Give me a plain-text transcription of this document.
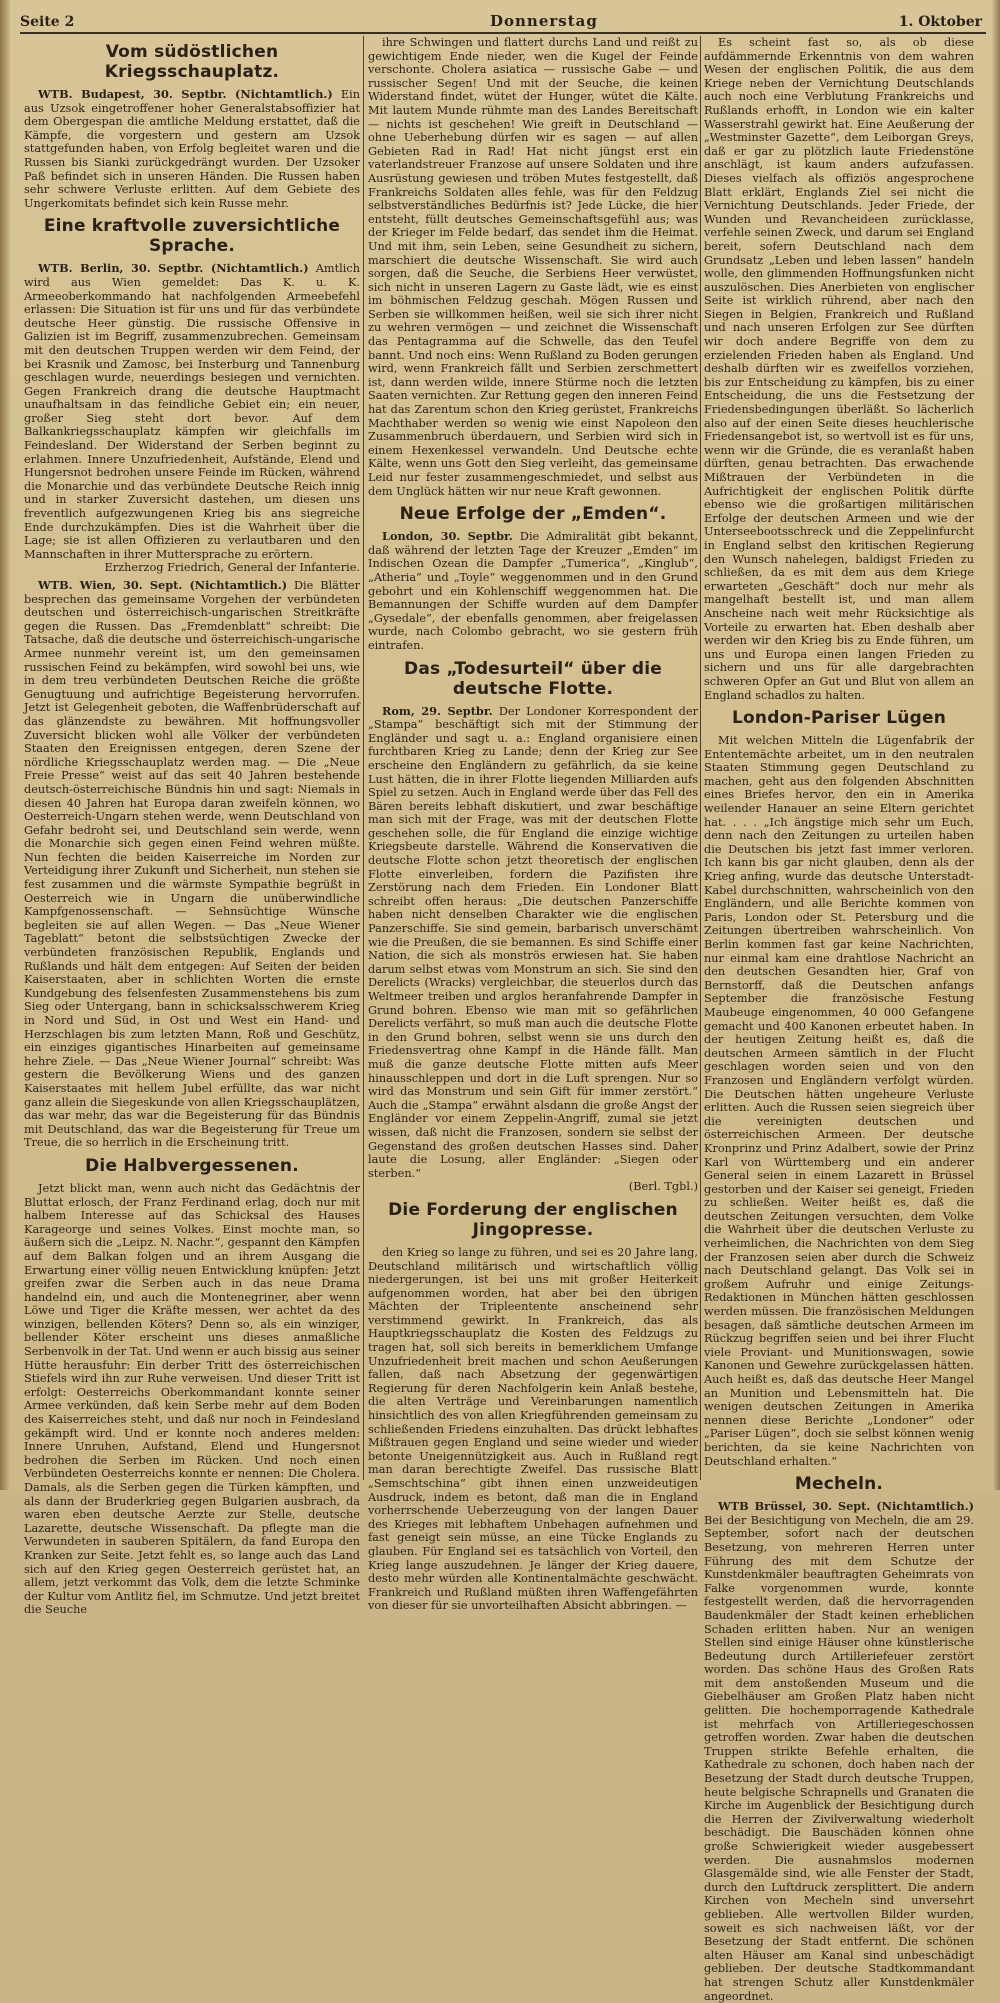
Seite 2	Donnerstag	1. Oktober
Vom südöstlichen Kriegsschauplatz.

WTB. Budapest, 30. Septbr. (Nichtamtlich.) Ein aus Uzsok eingetroffener hoher Generalstabsoffizier hat dem Obergespan die amtliche Meldung erstattet, daß die Kämpfe, die vorgestern und gestern am Uzsok stattgefunden haben, von Erfolg begleitet waren und die Russen bis Sianki zurückgedrängt wurden. Der Uzsoker Paß befindet sich in unseren Händen. Die Russen haben sehr schwere Verluste erlitten. Auf dem Gebiete des Ungerkomitats befindet sich kein Russe mehr.

Eine kraftvolle zuversichtliche Sprache.

WTB. Berlin, 30. Septbr. (Nichtamtlich.) Amtlich wird aus Wien gemeldet: Das K. u. K. Armeeoberkommando hat nachfolgenden Armeebefehl erlassen: Die Situation ist für uns und für das verbündete deutsche Heer günstig. Die russische Offensive in Galizien ist im Begriff, zusammenzubrechen. Gemeinsam mit den deutschen Truppen werden wir dem Feind, der bei Krasnik und Zamosc, bei Insterburg und Tannenburg geschlagen wurde, neuerdings besiegen und vernichten. Gegen Frankreich drang die deutsche Hauptmacht unaufhaltsam in das feindliche Gebiet ein; ein neuer, großer Sieg steht dort bevor. Auf dem Balkankriegsschauplatz kämpfen wir gleichfalls im Feindesland. Der Widerstand der Serben beginnt zu erlahmen. Innere Unzufriedenheit, Aufstände, Elend und Hungersnot bedrohen unsere Feinde im Rücken, während die Monarchie und das verbündete Deutsche Reich innig und in starker Zuversicht dastehen, um diesen uns freventlich aufgezwungenen Krieg bis ans siegreiche Ende durchzukämpfen. Dies ist die Wahrheit über die Lage; sie ist allen Offizieren zu verlautbaren und den Mannschaften in ihrer Muttersprache zu erörtern.

Erzherzog Friedrich, General der Infanterie.

WTB. Wien, 30. Sept. (Nichtamtlich.) Die Blätter besprechen das gemeinsame Vorgehen der verbündeten deutschen und österreichisch-ungarischen Streitkräfte gegen die Russen. Das „Fremdenblatt“ schreibt: Die Tatsache, daß die deutsche und österreichisch-ungarische Armee nunmehr vereint ist, um den gemeinsamen russischen Feind zu bekämpfen, wird sowohl bei uns, wie in dem treu verbündeten Deutschen Reiche die größte Genugtuung und aufrichtige Begeisterung hervorrufen. Jetzt ist Gelegenheit geboten, die Waffenbrüderschaft auf das glänzendste zu bewähren. Mit hoffnungsvoller Zuversicht blicken wohl alle Völker der verbündeten Staaten den Ereignissen entgegen, deren Szene der nördliche Kriegsschauplatz werden mag. — Die „Neue Freie Presse“ weist auf das seit 40 Jahren bestehende deutsch-österreichische Bündnis hin und sagt: Niemals in diesen 40 Jahren hat Europa daran zweifeln können, wo Oesterreich-Ungarn stehen werde, wenn Deutschland von Gefahr bedroht sei, und Deutschland sein werde, wenn die Monarchie sich gegen einen Feind wehren müßte. Nun fechten die beiden Kaiserreiche im Norden zur Verteidigung ihrer Zukunft und Sicherheit, nun stehen sie fest zusammen und die wärmste Sympathie begrüßt in Oesterreich wie in Ungarn die unüberwindliche Kampfgenossenschaft. — Sehnsüchtige Wünsche begleiten sie auf allen Wegen. — Das „Neue Wiener Tageblatt“ betont die selbstsüchtigen Zwecke der verbündeten französischen Republik, Englands und Rußlands und hält dem entgegen: Auf Seiten der beiden Kaiserstaaten, aber in schlichten Worten die ernste Kundgebung des felsenfesten Zusammenstehens bis zum Sieg oder Untergang, bann in schicksalsschwerem Krieg in Nord und Süd, in Ost und West ein Hand- und Herzschlagen bis zum letzten Mann, Roß und Geschütz, ein einziges gigantisches Hinarbeiten auf gemeinsame hehre Ziele. — Das „Neue Wiener Journal“ schreibt: Was gestern die Bevölkerung Wiens und des ganzen Kaiserstaates mit hellem Jubel erfüllte, das war nicht ganz allein die Siegeskunde von allen Kriegsschauplätzen, das war mehr, das war die Begeisterung für das Bündnis mit Deutschland, das war die Begeisterung für Treue um Treue, die so herrlich in die Erscheinung tritt.

Die Halbvergessenen.

Jetzt blickt man, wenn auch nicht das Gedächtnis der Bluttat erlosch, der Franz Ferdinand erlag, doch nur mit halbem Interesse auf das Schicksal des Hauses Karageorge und seines Volkes. Einst mochte man, so äußern sich die „Leipz. N. Nachr.“, gespannt den Kämpfen auf dem Balkan folgen und an ihrem Ausgang die Erwartung einer völlig neuen Entwicklung knüpfen: Jetzt greifen zwar die Serben auch in das neue Drama handelnd ein, und auch die Montenegriner, aber wenn Löwe und Tiger die Kräfte messen, wer achtet da des winzigen, bellenden Köters? Denn so, als ein winziger, bellender Köter erscheint uns dieses anmaßliche Serbenvolk in der Tat. Und wenn er auch bissig aus seiner Hütte herausfuhr: Ein derber Tritt des österreichischen Stiefels wird ihn zur Ruhe verweisen. Und dieser Tritt ist erfolgt: Oesterreichs Oberkommandant konnte seiner Armee verkünden, daß kein Serbe mehr auf dem Boden des Kaiserreiches steht, und daß nur noch in Feindesland gekämpft wird. Und er konnte noch anderes melden: Innere Unruhen, Aufstand, Elend und Hungersnot bedrohen die Serben im Rücken. Und noch einen Verbündeten Oesterreichs konnte er nennen: Die Cholera. Damals, als die Serben gegen die Türken kämpften, und als dann der Bruderkrieg gegen Bulgarien ausbrach, da waren eben deutsche Aerzte zur Stelle, deutsche Lazarette, deutsche Wissenschaft. Da pflegte man die Verwundeten in sauberen Spitälern, da fand Europa den Kranken zur Seite. Jetzt fehlt es, so lange auch das Land sich auf den Krieg gegen Oesterreich gerüstet hat, an allem, jetzt verkommt das Volk, dem die letzte Schminke der Kultur vom Antlitz fiel, im Schmutze. Und jetzt breitet die Seuche

ihre Schwingen und flattert durchs Land und reißt zu gewichtigem Ende nieder, wen die Kugel der Feinde verschonte. Cholera asiatica — russische Gabe — und russischer Segen! Und mit der Seuche, die keinen Widerstand findet, wütet der Hunger, wütet die Kälte. Mit lautem Munde rühmte man des Landes Bereitschaft — nichts ist geschehen! Wie greift in Deutschland — ohne Ueberhebung dürfen wir es sagen — auf allen Gebieten Rad in Rad! Hat nicht jüngst erst ein vaterlandstreuer Franzose auf unsere Soldaten und ihre Ausrüstung gewiesen und tröben Mutes festgestellt, daß Frankreichs Soldaten alles fehle, was für den Feldzug selbstverständliches Bedürfnis ist? Jede Lücke, die hier entsteht, füllt deutsches Gemeinschaftsgefühl aus; was der Krieger im Felde bedarf, das sendet ihm die Heimat. Und mit ihm, sein Leben, seine Gesundheit zu sichern, marschiert die deutsche Wissenschaft. Sie wird auch sorgen, daß die Seuche, die Serbiens Heer verwüstet, sich nicht in unseren Lagern zu Gaste lädt, wie es einst im böhmischen Feldzug geschah. Mögen Russen und Serben sie willkommen heißen, weil sie sich ihrer nicht zu wehren vermögen — und zeichnet die Wissenschaft das Pentagramma auf die Schwelle, das den Teufel bannt. Und noch eins: Wenn Rußland zu Boden gerungen wird, wenn Frankreich fällt und Serbien zerschmettert ist, dann werden wilde, innere Stürme noch die letzten Saaten vernichten. Zur Rettung gegen den inneren Feind hat das Zarentum schon den Krieg gerüstet, Frankreichs Machthaber werden so wenig wie einst Napoleon den Zusammenbruch überdauern, und Serbien wird sich in einem Hexenkessel verwandeln. Und Deutsche echte Kälte, wenn uns Gott den Sieg verleiht, das gemeinsame Leid nur fester zusammengeschmiedet, und selbst aus dem Unglück hätten wir nur neue Kraft gewonnen.

Neue Erfolge der „Emden“.

London, 30. Septbr. Die Admiralität gibt bekannt, daß während der letzten Tage der Kreuzer „Emden“ im Indischen Ozean die Dampfer „Tumerica“, „Kinglub“, „Atheria“ und „Toyle“ weggenommen und in den Grund gebohrt und ein Kohlenschiff weggenommen hat. Die Bemannungen der Schiffe wurden auf dem Dampfer „Gysedale“, der ebenfalls genommen, aber freigelassen wurde, nach Colombo gebracht, wo sie gestern früh eintrafen.

Das „Todesurteil“ über die deutsche Flotte.

Rom, 29. Septbr. Der Londoner Korrespondent der „Stampa“ beschäftigt sich mit der Stimmung der Engländer und sagt u. a.: England organisiere einen furchtbaren Krieg zu Lande; denn der Krieg zur See erscheine den Engländern zu gefährlich, da sie keine Lust hätten, die in ihrer Flotte liegenden Milliarden aufs Spiel zu setzen. Auch in England werde über das Fell des Bären bereits lebhaft diskutiert, und zwar beschäftige man sich mit der Frage, was mit der deutschen Flotte geschehen solle, die für England die einzige wichtige Kriegsbeute darstelle. Während die Konservativen die deutsche Flotte schon jetzt theoretisch der englischen Flotte einverleiben, fordern die Pazifisten ihre Zerstörung nach dem Frieden. Ein Londoner Blatt schreibt offen heraus: „Die deutschen Panzerschiffe haben nicht denselben Charakter wie die englischen Panzerschiffe. Sie sind gemein, barbarisch unverschämt wie die Preußen, die sie bemannen. Es sind Schiffe einer Nation, die sich als monströs erwiesen hat. Sie haben darum selbst etwas vom Monstrum an sich. Sie sind den Derelicts (Wracks) vergleichbar, die steuerlos durch das Weltmeer treiben und arglos heranfahrende Dampfer in Grund bohren. Ebenso wie man mit so gefährlichen Derelicts verfährt, so muß man auch die deutsche Flotte in den Grund bohren, selbst wenn sie uns durch den Friedensvertrag ohne Kampf in die Hände fällt. Man muß die ganze deutsche Flotte mitten aufs Meer hinausschleppen und dort in die Luft sprengen. Nur so wird das Monstrum und sein Gift für immer zerstört.“ Auch die „Stampa“ erwähnt alsdann die große Angst der Engländer vor einem Zeppelin-Angriff, zumal sie jetzt wissen, daß nicht die Franzosen, sondern sie selbst der Gegenstand des großen deutschen Hasses sind. Daher laute die Losung, aller Engländer: „Siegen oder sterben.“

(Berl. Tgbl.)

Die Forderung der englischen Jingopresse.

den Krieg so lange zu führen, und sei es 20 Jahre lang, Deutschland militärisch und wirtschaftlich völlig niedergerungen, ist bei uns mit großer Heiterkeit aufgenommen worden, hat aber bei den übrigen Mächten der Tripleentente anscheinend sehr verstimmend gewirkt. In Frankreich, das als Hauptkriegsschauplatz die Kosten des Feldzugs zu tragen hat, soll sich bereits in bemerklichem Umfange Unzufriedenheit breit machen und schon Aeußerungen fallen, daß nach Absetzung der gegenwärtigen Regierung für deren Nachfolgerin kein Anlaß bestehe, die alten Verträge und Vereinbarungen namentlich hinsichtlich des von allen Kriegführenden gemeinsam zu schließenden Friedens einzuhalten. Das drückt lebhaftes Mißtrauen gegen England und seine wieder und wieder betonte Uneigennützigkeit aus. Auch in Rußland regt man daran berechtigte Zweifel. Das russische Blatt „Semschtschina“ gibt ihnen einen unzweideutigen Ausdruck, indem es betont, daß man die in England vorherrschende Ueberzeugung von der langen Dauer des Krieges mit lebhaftem Unbehagen aufnehmen und fast geneigt sein müsse, an eine Tücke Englands zu glauben. Für England sei es tatsächlich von Vorteil, den Krieg lange auszudehnen. Je länger der Krieg dauere, desto mehr würden alle Kontinentalmächte geschwächt. Frankreich und Rußland müßten ihren Waffengefährten von dieser für sie unvorteilhaften Absicht abbringen. —

Es scheint fast so, als ob diese aufdämmernde Erkenntnis von dem wahren Wesen der englischen Politik, die aus dem Kriege neben der Vernichtung Deutschlands auch noch eine Verblutung Frankreichs und Rußlands erhofft, in London wie ein kalter Wasserstrahl gewirkt hat. Eine Aeußerung der „Westminster Gazette“, dem Leiborgan Greys, daß er gar zu plötzlich laute Friedenstöne anschlägt, ist kaum anders aufzufassen. Dieses vielfach als offiziös angesprochene Blatt erklärt, Englands Ziel sei nicht die Vernichtung Deutschlands. Jeder Friede, der Wunden und Revancheideen zurücklasse, verfehle seinen Zweck, und darum sei England bereit, sofern Deutschland nach dem Grundsatz „Leben und leben lassen“ handeln wolle, den glimmenden Hoffnungsfunken nicht auszulöschen. Dies Anerbieten von englischer Seite ist wirklich rührend, aber nach den Siegen in Belgien, Frankreich und Rußland und nach unseren Erfolgen zur See dürften wir doch andere Begriffe von dem zu erzielenden Frieden haben als England. Und deshalb dürften wir es zweifellos vorziehen, bis zur Entscheidung zu kämpfen, bis zu einer Entscheidung, die uns die Festsetzung der Friedensbedingungen überläßt. So lächerlich also auf der einen Seite dieses heuchlerische Friedensangebot ist, so wertvoll ist es für uns, wenn wir die Gründe, die es veranlaßt haben dürften, genau betrachten. Das erwachende Mißtrauen der Verbündeten in die Aufrichtigkeit der englischen Politik dürfte ebenso wie die großartigen militärischen Erfolge der deutschen Armeen und wie der Unterseebootsschreck und die Zeppelinfurcht in England selbst den kritischen Regierung den Wunsch nahelegen, baldigst Frieden zu schließen, da es mit dem aus dem Kriege erwarteten „Geschäft“ doch nur mehr als mangelhaft bestellt ist, und man allem Anscheine nach weit mehr Rücksichtige als Vorteile zu erwarten hat. Eben deshalb aber werden wir den Krieg bis zu Ende führen, um uns und Europa einen langen Frieden zu sichern und uns für alle dargebrachten schweren Opfer an Gut und Blut von allem an England schadlos zu halten.

London-Pariser Lügen

Mit welchen Mitteln die Lügenfabrik der Ententemächte arbeitet, um in den neutralen Staaten Stimmung gegen Deutschland zu machen, geht aus den folgenden Abschnitten eines Briefes hervor, den ein in Amerika weilender Hanauer an seine Eltern gerichtet hat. . . . „Ich ängstige mich sehr um Euch, denn nach den Zeitungen zu urteilen haben die Deutschen bis jetzt fast immer verloren. Ich kann bis gar nicht glauben, denn als der Krieg anfing, wurde das deutsche Unterstadt-Kabel durchschnitten, wahrscheinlich von den Engländern, und alle Berichte kommen von Paris, London oder St. Petersburg und die Zeitungen übertreiben wahrscheinlich. Von Berlin kommen fast gar keine Nachrichten, nur einmal kam eine drahtlose Nachricht an den deutschen Gesandten hier, Graf von Bernstorff, daß die Deutschen anfangs September die französische Festung Maubeuge eingenommen, 40 000 Gefangene gemacht und 400 Kanonen erbeutet haben. In der heutigen Zeitung heißt es, daß die deutschen Armeen sämtlich in der Flucht geschlagen worden seien und von den Franzosen und Engländern verfolgt würden. Die Deutschen hätten ungeheure Verluste erlitten. Auch die Russen seien siegreich über die vereinigten deutschen und österreichischen Armeen. Der deutsche Kronprinz und Prinz Adalbert, sowie der Prinz Karl von Württemberg und ein anderer General seien in einem Lazarett in Brüssel gestorben und der Kaiser sei geneigt, Frieden zu schließen. Weiter heißt es, daß die deutschen Zeitungen versuchten, dem Volke die Wahrheit über die deutschen Verluste zu verheimlichen, die Nachrichten von dem Sieg der Franzosen seien aber durch die Schweiz nach Deutschland gelangt. Das Volk sei in großem Aufruhr und einige Zeitungs-Redaktionen in München hätten geschlossen werden müssen. Die französischen Meldungen besagen, daß sämtliche deutschen Armeen im Rückzug begriffen seien und bei ihrer Flucht viele Proviant- und Munitionswagen, sowie Kanonen und Gewehre zurückgelassen hätten. Auch heißt es, daß das deutsche Heer Mangel an Munition und Lebensmitteln hat. Die wenigen deutschen Zeitungen in Amerika nennen diese Berichte „Londoner“ oder „Pariser Lügen“, doch sie selbst können wenig berichten, da sie keine Nachrichten von Deutschland erhalten.“

Mecheln.

WTB Brüssel, 30. Sept. (Nichtamtlich.) Bei der Besichtigung von Mecheln, die am 29. September, sofort nach der deutschen Besetzung, von mehreren Herren unter Führung des mit dem Schutze der Kunstdenkmäler beauftragten Geheimrats von Falke vorgenommen wurde, konnte festgestellt werden, daß die hervorragenden Baudenkmäler der Stadt keinen erheblichen Schaden erlitten haben. Nur an wenigen Stellen sind einige Häuser ohne künstlerische Bedeutung durch Artilleriefeuer zerstört worden. Das schöne Haus des Großen Rats mit dem anstoßenden Museum und die Giebelhäuser am Großen Platz haben nicht gelitten. Die hochemporragende Kathedrale ist mehrfach von Artilleriegeschossen getroffen worden. Zwar haben die deutschen Truppen strikte Befehle erhalten, die Kathedrale zu schonen, doch haben nach der Besetzung der Stadt durch deutsche Truppen, heute belgische Schrapnells und Granaten die Kirche im Augenblick der Besichtigung durch die Herren der Zivilverwaltung wiederholt beschädigt. Die Bauschäden können ohne große Schwierigkeit wieder ausgebessert werden. Die ausnahmslos modernen Glasgemälde sind, wie alle Fenster der Stadt, durch den Luftdruck zersplittert. Die andern Kirchen von Mecheln sind unversehrt geblieben. Alle wertvollen Bilder wurden, soweit es sich nachweisen läßt, vor der Besetzung der Stadt entfernt. Die schönen alten Häuser am Kanal sind unbeschädigt geblieben. Der deutsche Stadtkommandant hat strengen Schutz aller Kunstdenkmäler angeordnet.
